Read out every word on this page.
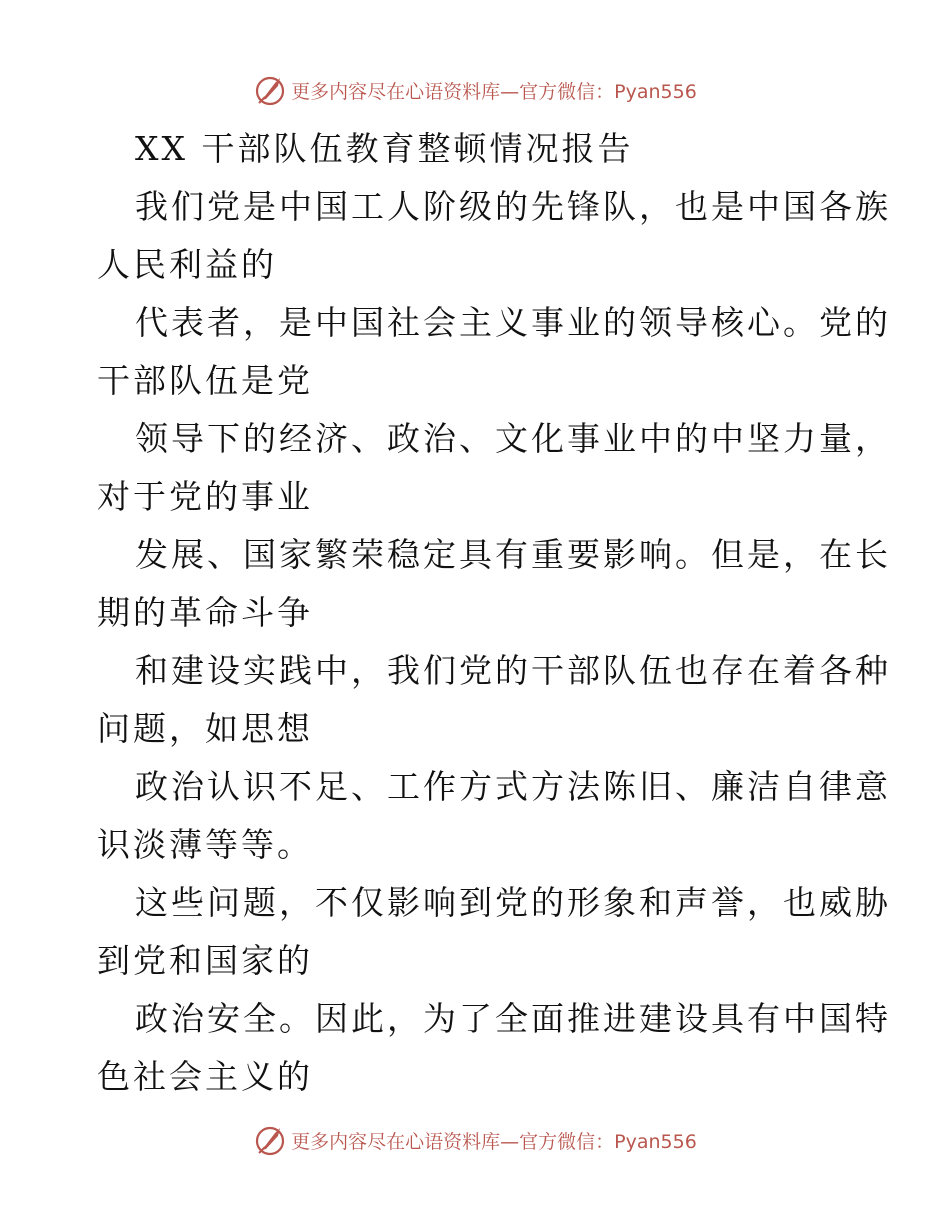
更多内容尽在心语资料库—官方微信：Pyan556
XX 干部队伍教育整顿情况报告
我们党是中国工人阶级的先锋队，也是中国各族
人民利益的
代表者，是中国社会主义事业的领导核心。党的
干部队伍是党
领导下的经济、政治、文化事业中的中坚力量，
对于党的事业
发展、国家繁荣稳定具有重要影响。但是，在长
期的革命斗争
和建设实践中，我们党的干部队伍也存在着各种
问题，如思想
政治认识不足、工作方式方法陈旧、廉洁自律意
识淡薄等等。
这些问题，不仅影响到党的形象和声誉，也威胁
到党和国家的
政治安全。因此，为了全面推进建设具有中国特
色社会主义的
更多内容尽在心语资料库—官方微信：Pyan556
